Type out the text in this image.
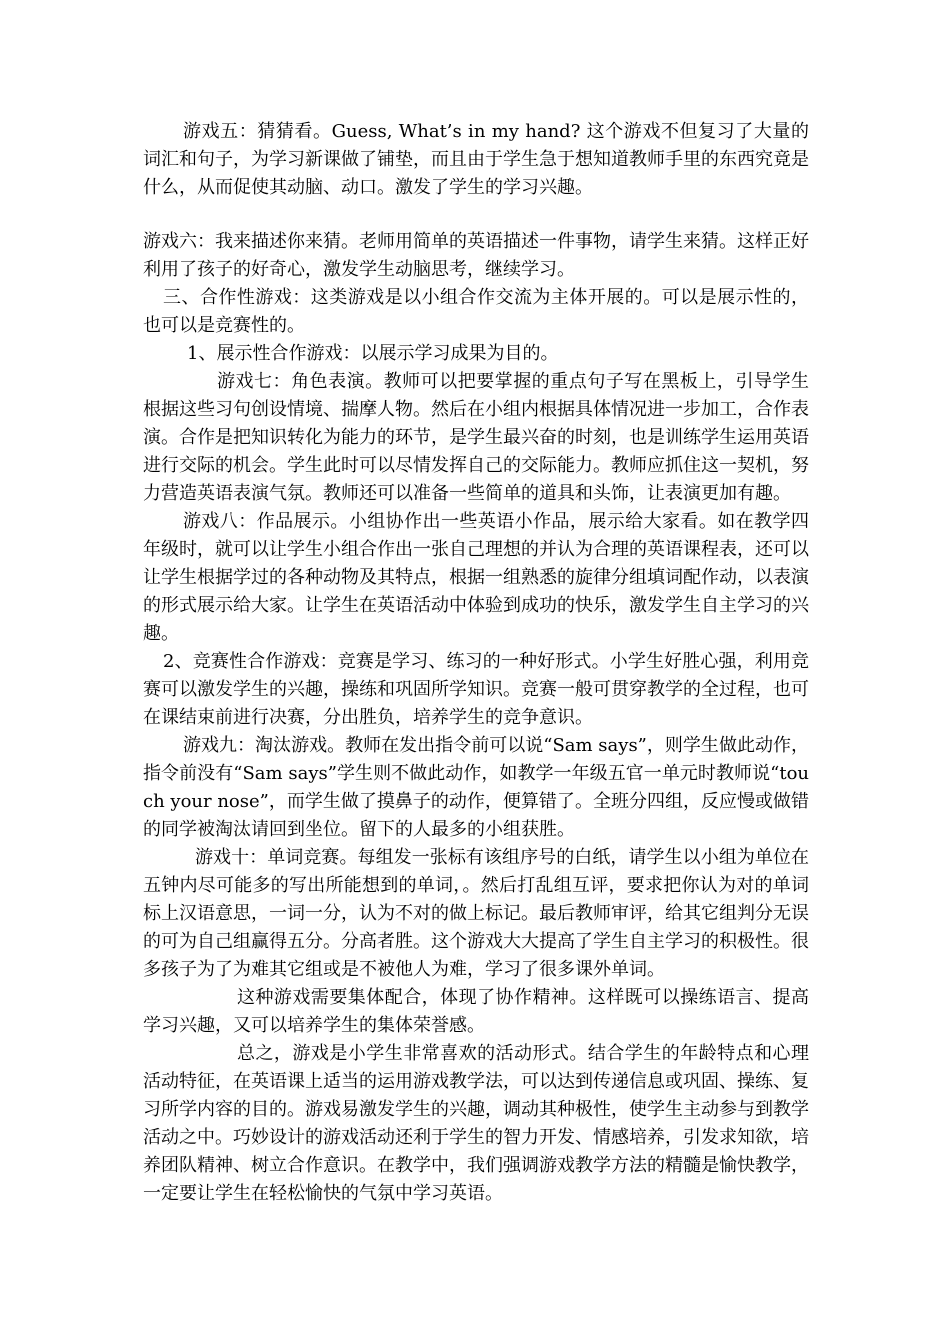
游戏五：猜猜看。Guess, What’s in my hand? 这个游戏不但复习了大量的词汇和句子，为学习新课做了铺垫，而且由于学生急于想知道教师手里的东西究竟是什么，从而促使其动脑、动口。激发了学生的学习兴趣。

游戏六：我来描述你来猜。老师用简单的英语描述一件事物，请学生来猜。这样正好利用了孩子的好奇心，激发学生动脑思考，继续学习。

三、合作性游戏：这类游戏是以小组合作交流为主体开展的。可以是展示性的，也可以是竞赛性的。

1、展示性合作游戏：以展示学习成果为目的。

游戏七：角色表演。教师可以把要掌握的重点句子写在黑板上，引导学生根据这些习句创设情境、揣摩人物。然后在小组内根据具体情况进一步加工，合作表演。合作是把知识转化为能力的环节，是学生最兴奋的时刻，也是训练学生运用英语进行交际的机会。学生此时可以尽情发挥自己的交际能力。教师应抓住这一契机，努力营造英语表演气氛。教师还可以准备一些简单的道具和头饰，让表演更加有趣。

游戏八：作品展示。小组协作出一些英语小作品，展示给大家看。如在教学四年级时，就可以让学生小组合作出一张自己理想的并认为合理的英语课程表，还可以让学生根据学过的各种动物及其特点，根据一组熟悉的旋律分组填词配作动，以表演的形式展示给大家。让学生在英语活动中体验到成功的快乐，激发学生自主学习的兴趣。

2、竞赛性合作游戏：竞赛是学习、练习的一种好形式。小学生好胜心强，利用竞赛可以激发学生的兴趣，操练和巩固所学知识。竞赛一般可贯穿教学的全过程，也可在课结束前进行决赛，分出胜负，培养学生的竞争意识。

游戏九：淘汰游戏。教师在发出指令前可以说“Sam says”，则学生做此动作，指令前没有“Sam says”学生则不做此动作，如教学一年级五官一单元时教师说“touch your nose”，而学生做了摸鼻子的动作，便算错了。全班分四组，反应慢或做错的同学被淘汰请回到坐位。留下的人最多的小组获胜。

游戏十：单词竞赛。每组发一张标有该组序号的白纸，请学生以小组为单位在五钟内尽可能多的写出所能想到的单词，。然后打乱组互评，要求把你认为对的单词标上汉语意思，一词一分，认为不对的做上标记。最后教师审评，给其它组判分无误的可为自己组赢得五分。分高者胜。这个游戏大大提高了学生自主学习的积极性。很多孩子为了为难其它组或是不被他人为难，学习了很多课外单词。

这种游戏需要集体配合，体现了协作精神。这样既可以操练语言、提高学习兴趣，又可以培养学生的集体荣誉感。

总之，游戏是小学生非常喜欢的活动形式。结合学生的年龄特点和心理活动特征，在英语课上适当的运用游戏教学法，可以达到传递信息或巩固、操练、复习所学内容的目的。游戏易激发学生的兴趣，调动其种极性，使学生主动参与到教学活动之中。巧妙设计的游戏活动还利于学生的智力开发、情感培养，引发求知欲，培养团队精神、树立合作意识。在教学中，我们强调游戏教学方法的精髓是愉快教学，一定要让学生在轻松愉快的气氛中学习英语。
